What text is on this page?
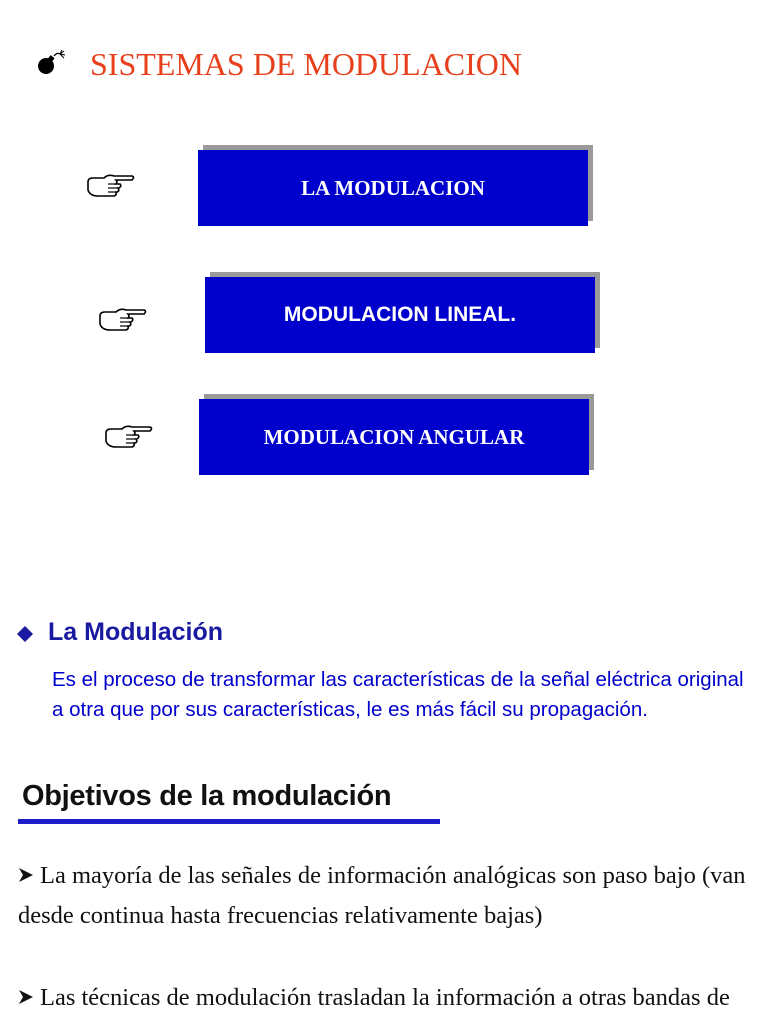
SISTEMAS DE MODULACION
LA MODULACION
MODULACION LINEAL.
MODULACION ANGULAR
La Modulación
Es el proceso de transformar las características de la señal eléctrica original a otra que por sus características, le es más fácil su propagación.
Objetivos de la modulación
La mayoría de las señales de información analógicas son paso bajo (van desde continua hasta frecuencias relativamente bajas)
Las técnicas de modulación trasladan la información a otras bandas de
